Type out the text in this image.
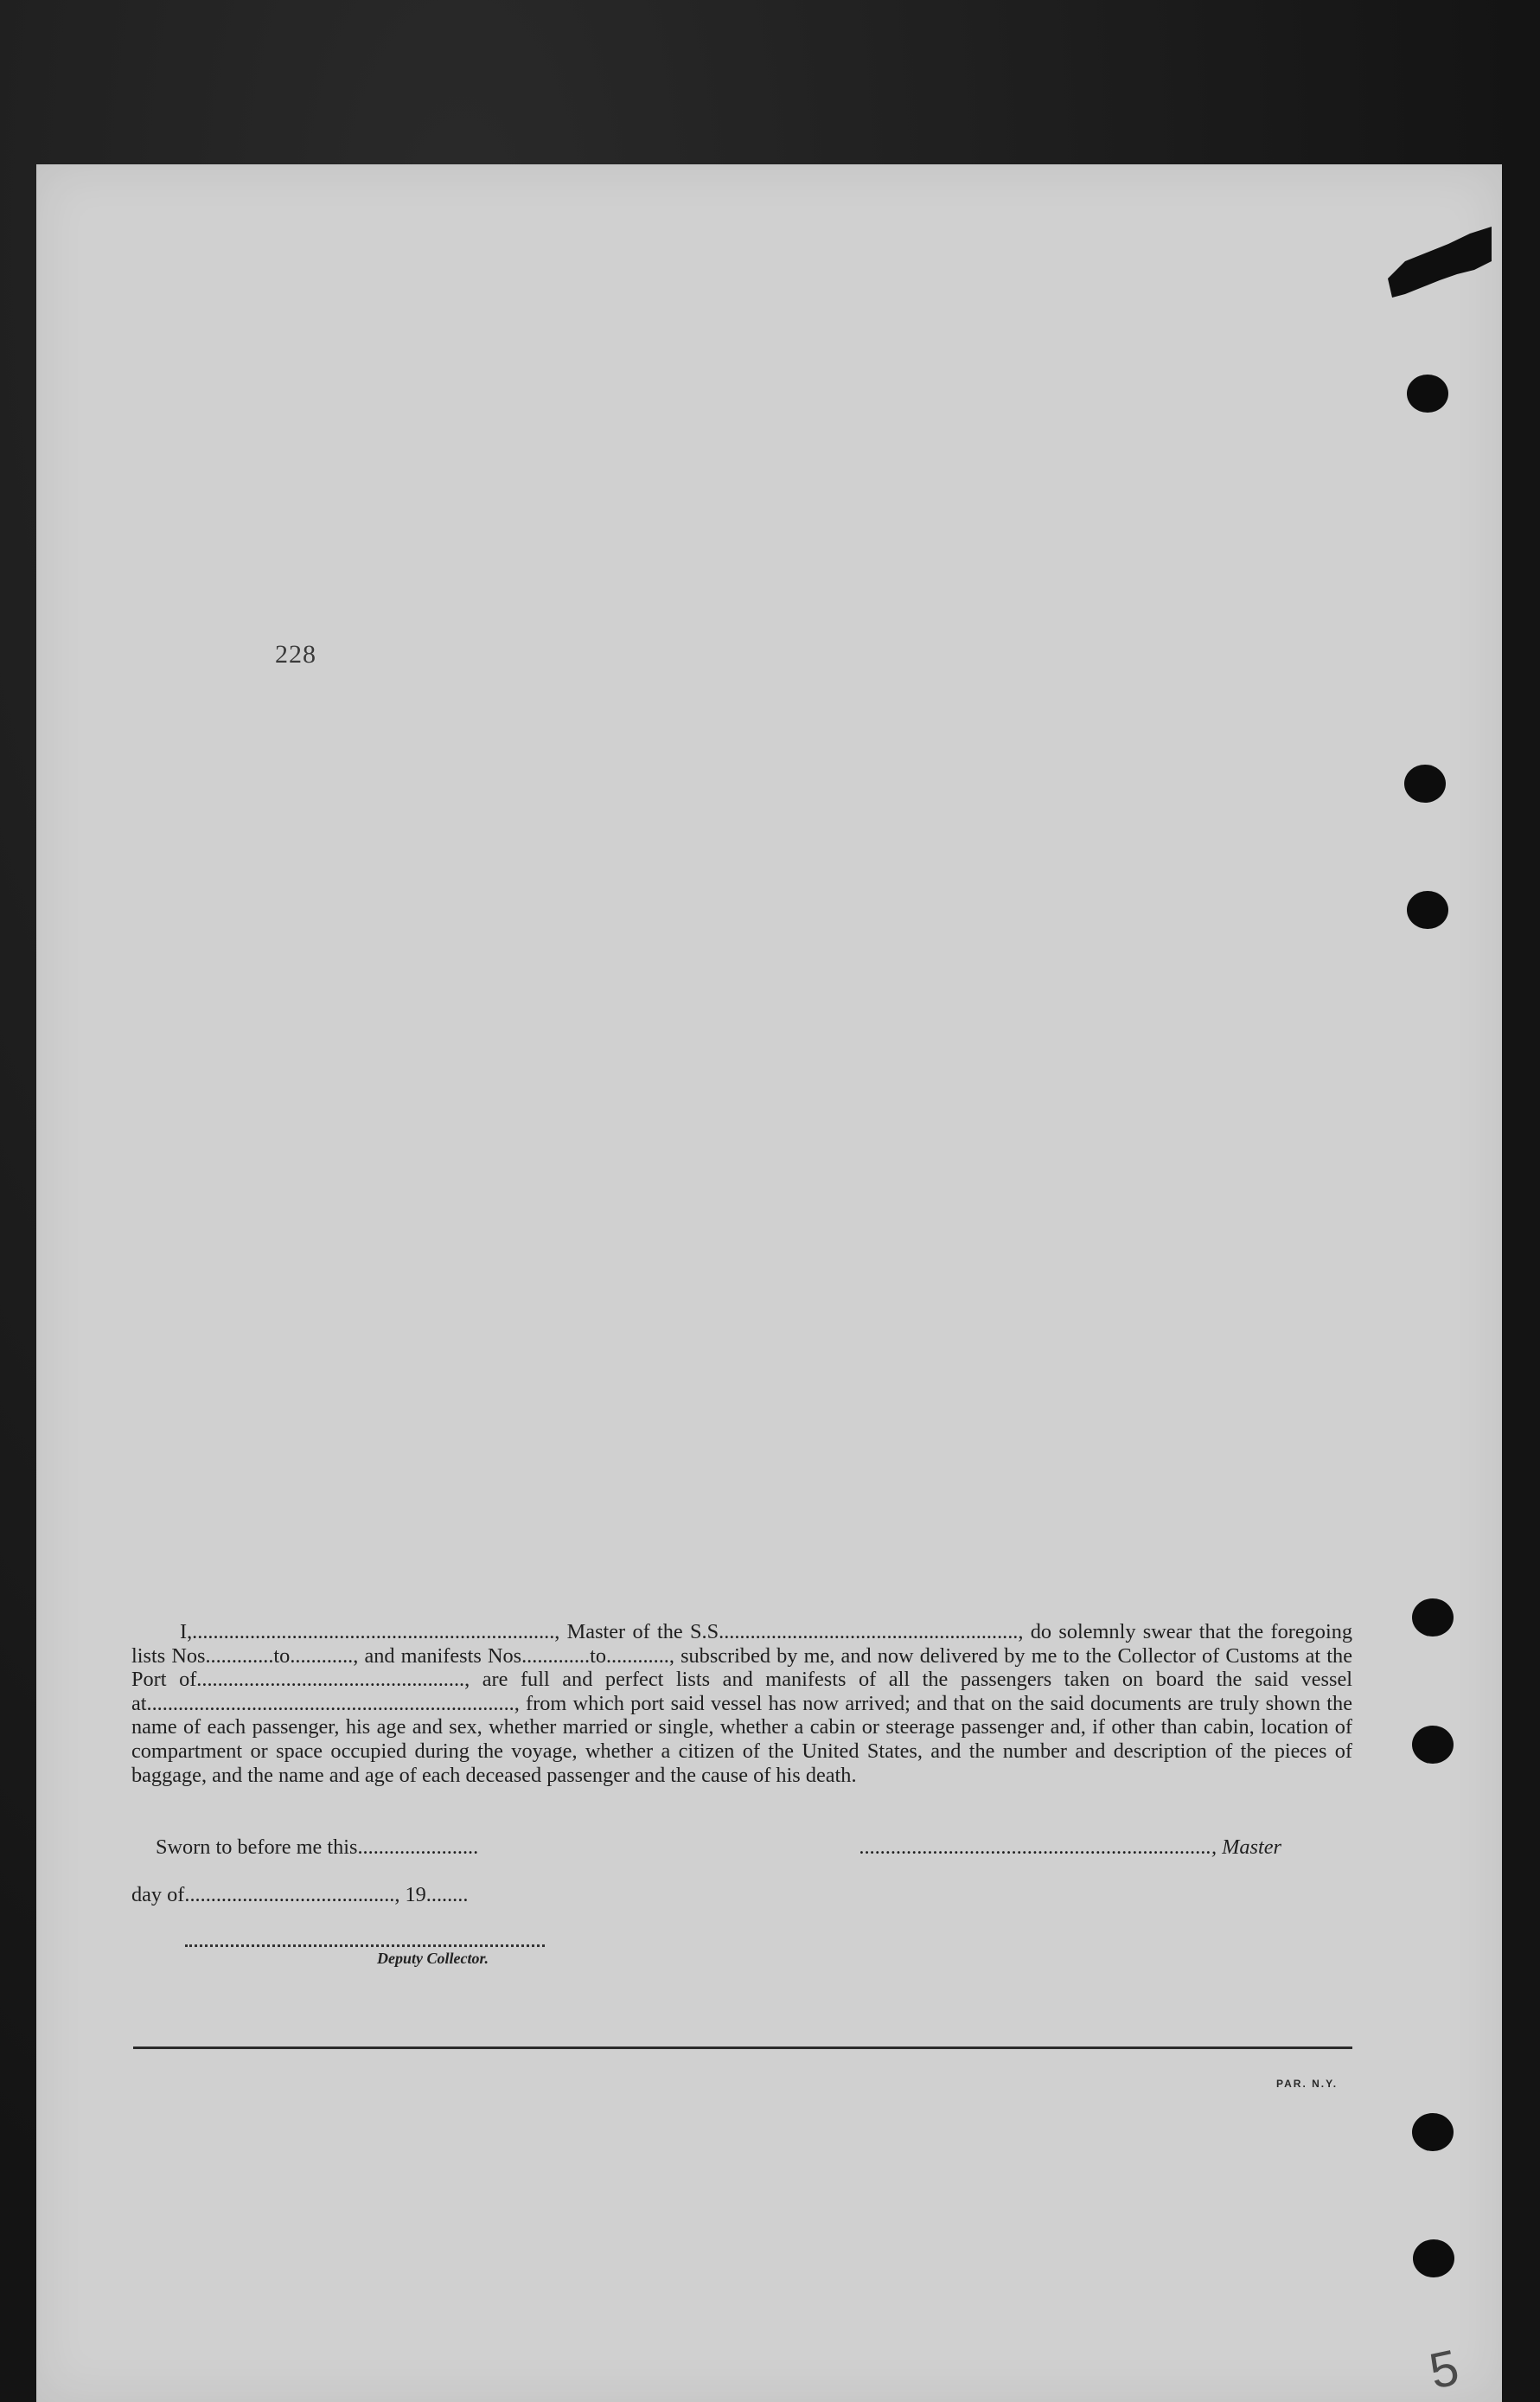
228

I,....................................................................., Master of the S.S........................................................., do solemnly swear that the foregoing lists Nos.............to............, and manifests Nos.............to............, subscribed by me, and now delivered by me to the Collector of Customs at the Port of..................................................., are full and perfect lists and manifests of all the passengers taken on board the said vessel at......................................................................, from which port said vessel has now arrived; and that on the said documents are truly shown the name of each passenger, his age and sex, whether married or single, whether a cabin or steerage passenger and, if other than cabin, location of compartment or space occupied during the voyage, whether a citizen of the United States, and the number and description of the pieces of baggage, and the name and age of each deceased passenger and the cause of his death.

Sworn to before me this.......................	..................................................................., Master
day of........................................, 19........
Deputy Collector.
PAR. N.Y.
5
